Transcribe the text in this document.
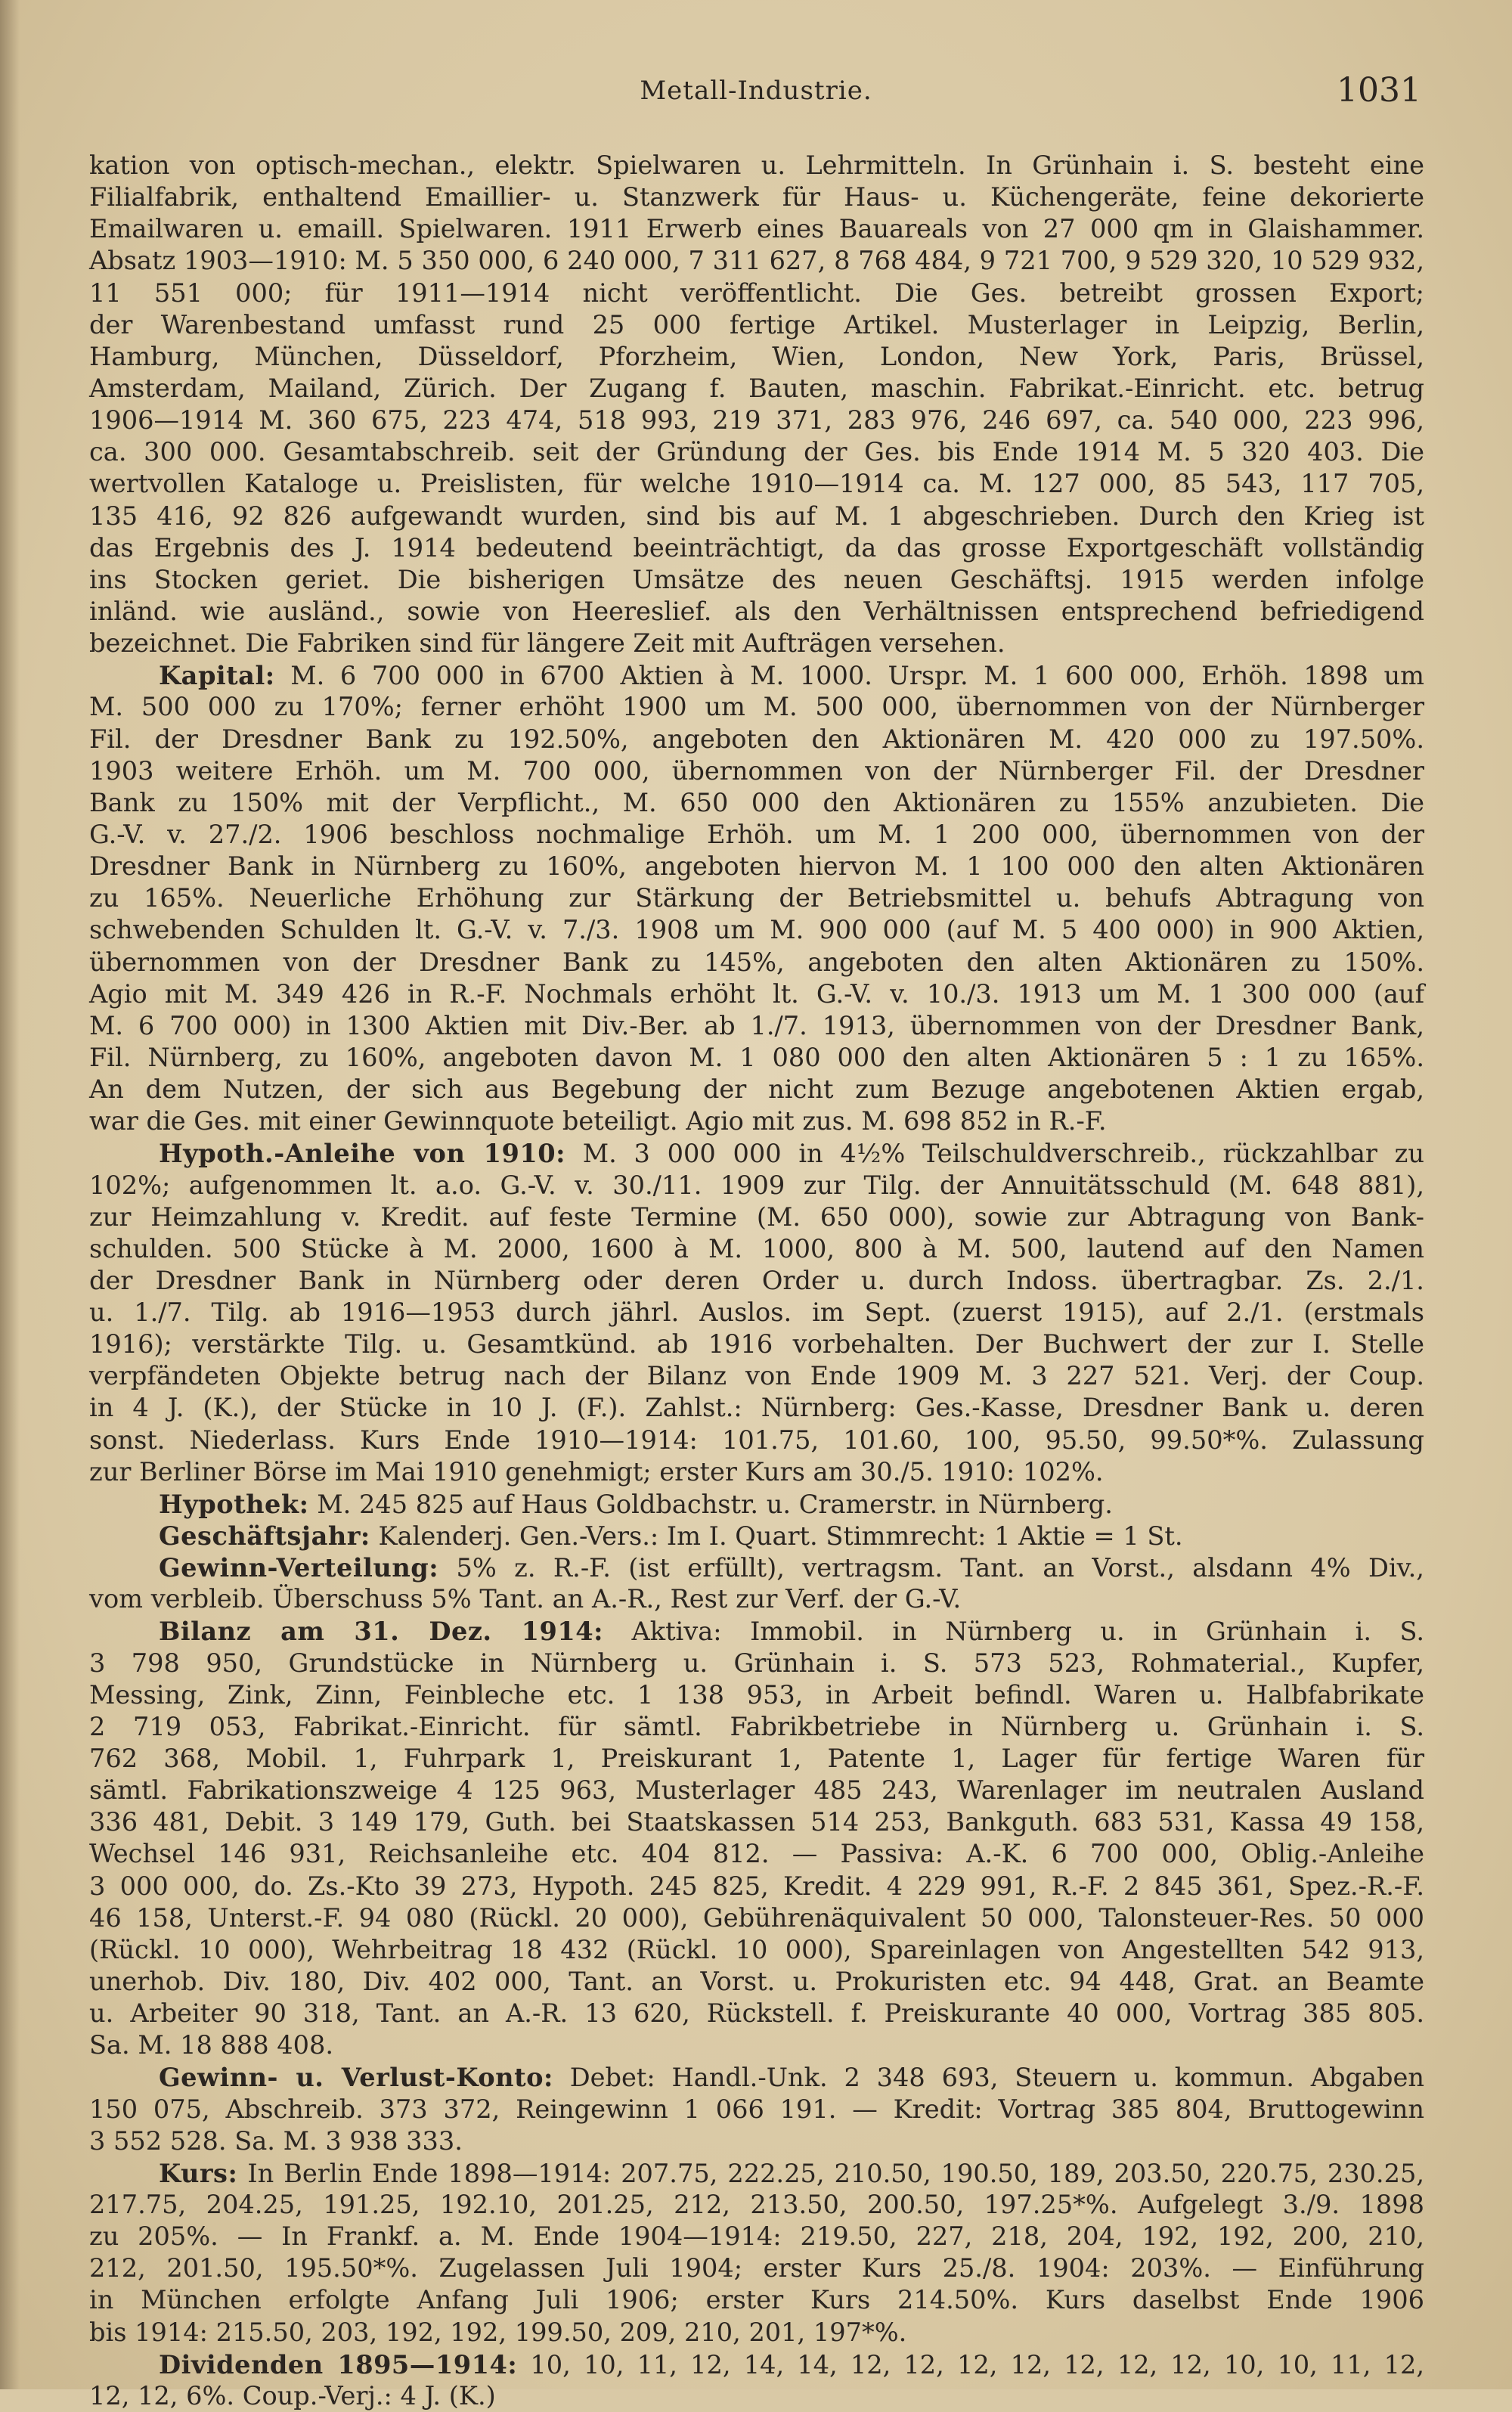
Metall-Industrie.	1031
kation von optisch-mechan., elektr. Spielwaren u. Lehrmitteln. In Grünhain i. S. besteht eine
Filialfabrik, enthaltend Emaillier- u. Stanzwerk für Haus- u. Küchengeräte, feine dekorierte
Emailwaren u. emaill. Spielwaren. 1911 Erwerb eines Bauareals von 27 000 qm in Glaishammer.
Absatz 1903—1910: M. 5 350 000, 6 240 000, 7 311 627, 8 768 484, 9 721 700, 9 529 320, 10 529 932,
11 551 000; für 1911—1914 nicht veröffentlicht. Die Ges. betreibt grossen Export;
der Warenbestand umfasst rund 25 000 fertige Artikel. Musterlager in Leipzig, Berlin,
Hamburg, München, Düsseldorf, Pforzheim, Wien, London, New York, Paris, Brüssel,
Amsterdam, Mailand, Zürich. Der Zugang f. Bauten, maschin. Fabrikat.-Einricht. etc. betrug
1906—1914 M. 360 675, 223 474, 518 993, 219 371, 283 976, 246 697, ca. 540 000, 223 996,
ca. 300 000. Gesamtabschreib. seit der Gründung der Ges. bis Ende 1914 M. 5 320 403. Die
wertvollen Kataloge u. Preislisten, für welche 1910—1914 ca. M. 127 000, 85 543, 117 705,
135 416, 92 826 aufgewandt wurden, sind bis auf M. 1 abgeschrieben. Durch den Krieg ist
das Ergebnis des J. 1914 bedeutend beeinträchtigt, da das grosse Exportgeschäft vollständig
ins Stocken geriet. Die bisherigen Umsätze des neuen Geschäftsj. 1915 werden infolge
inländ. wie ausländ., sowie von Heereslief. als den Verhältnissen entsprechend befriedigend
bezeichnet. Die Fabriken sind für längere Zeit mit Aufträgen versehen.
Kapital: M. 6 700 000 in 6700 Aktien à M. 1000. Urspr. M. 1 600 000, Erhöh. 1898 um
M. 500 000 zu 170%; ferner erhöht 1900 um M. 500 000, übernommen von der Nürnberger
Fil. der Dresdner Bank zu 192.50%, angeboten den Aktionären M. 420 000 zu 197.50%.
1903 weitere Erhöh. um M. 700 000, übernommen von der Nürnberger Fil. der Dresdner
Bank zu 150% mit der Verpflicht., M. 650 000 den Aktionären zu 155% anzubieten. Die
G.-V. v. 27./2. 1906 beschloss nochmalige Erhöh. um M. 1 200 000, übernommen von der
Dresdner Bank in Nürnberg zu 160%, angeboten hiervon M. 1 100 000 den alten Aktionären
zu 165%. Neuerliche Erhöhung zur Stärkung der Betriebsmittel u. behufs Abtragung von
schwebenden Schulden lt. G.-V. v. 7./3. 1908 um M. 900 000 (auf M. 5 400 000) in 900 Aktien,
übernommen von der Dresdner Bank zu 145%, angeboten den alten Aktionären zu 150%.
Agio mit M. 349 426 in R.-F. Nochmals erhöht lt. G.-V. v. 10./3. 1913 um M. 1 300 000 (auf
M. 6 700 000) in 1300 Aktien mit Div.-Ber. ab 1./7. 1913, übernommen von der Dresdner Bank,
Fil. Nürnberg, zu 160%, angeboten davon M. 1 080 000 den alten Aktionären 5 : 1 zu 165%.
An dem Nutzen, der sich aus Begebung der nicht zum Bezuge angebotenen Aktien ergab,
war die Ges. mit einer Gewinnquote beteiligt. Agio mit zus. M. 698 852 in R.-F.
Hypoth.-Anleihe von 1910: M. 3 000 000 in 4½% Teilschuldverschreib., rückzahlbar zu
102%; aufgenommen lt. a.o. G.-V. v. 30./11. 1909 zur Tilg. der Annuitätsschuld (M. 648 881),
zur Heimzahlung v. Kredit. auf feste Termine (M. 650 000), sowie zur Abtragung von Bank-
schulden. 500 Stücke à M. 2000, 1600 à M. 1000, 800 à M. 500, lautend auf den Namen
der Dresdner Bank in Nürnberg oder deren Order u. durch Indoss. übertragbar. Zs. 2./1.
u. 1./7. Tilg. ab 1916—1953 durch jährl. Auslos. im Sept. (zuerst 1915), auf 2./1. (erstmals
1916); verstärkte Tilg. u. Gesamtkünd. ab 1916 vorbehalten. Der Buchwert der zur I. Stelle
verpfändeten Objekte betrug nach der Bilanz von Ende 1909 M. 3 227 521. Verj. der Coup.
in 4 J. (K.), der Stücke in 10 J. (F.). Zahlst.: Nürnberg: Ges.-Kasse, Dresdner Bank u. deren
sonst. Niederlass. Kurs Ende 1910—1914: 101.75, 101.60, 100, 95.50, 99.50*%. Zulassung
zur Berliner Börse im Mai 1910 genehmigt; erster Kurs am 30./5. 1910: 102%.
Hypothek: M. 245 825 auf Haus Goldbachstr. u. Cramerstr. in Nürnberg.
Geschäftsjahr: Kalenderj. Gen.-Vers.: Im I. Quart. Stimmrecht: 1 Aktie = 1 St.
Gewinn-Verteilung: 5% z. R.-F. (ist erfüllt), vertragsm. Tant. an Vorst., alsdann 4% Div.,
vom verbleib. Überschuss 5% Tant. an A.-R., Rest zur Verf. der G.-V.
Bilanz am 31. Dez. 1914: Aktiva: Immobil. in Nürnberg u. in Grünhain i. S.
3 798 950, Grundstücke in Nürnberg u. Grünhain i. S. 573 523, Rohmaterial., Kupfer,
Messing, Zink, Zinn, Feinbleche etc. 1 138 953, in Arbeit befindl. Waren u. Halbfabrikate
2 719 053, Fabrikat.-Einricht. für sämtl. Fabrikbetriebe in Nürnberg u. Grünhain i. S.
762 368, Mobil. 1, Fuhrpark 1, Preiskurant 1, Patente 1, Lager für fertige Waren für
sämtl. Fabrikationszweige 4 125 963, Musterlager 485 243, Warenlager im neutralen Ausland
336 481, Debit. 3 149 179, Guth. bei Staatskassen 514 253, Bankguth. 683 531, Kassa 49 158,
Wechsel 146 931, Reichsanleihe etc. 404 812. — Passiva: A.-K. 6 700 000, Oblig.-Anleihe
3 000 000, do. Zs.-Kto 39 273, Hypoth. 245 825, Kredit. 4 229 991, R.-F. 2 845 361, Spez.-R.-F.
46 158, Unterst.-F. 94 080 (Rückl. 20 000), Gebührenäquivalent 50 000, Talonsteuer-Res. 50 000
(Rückl. 10 000), Wehrbeitrag 18 432 (Rückl. 10 000), Spareinlagen von Angestellten 542 913,
unerhob. Div. 180, Div. 402 000, Tant. an Vorst. u. Prokuristen etc. 94 448, Grat. an Beamte
u. Arbeiter 90 318, Tant. an A.-R. 13 620, Rückstell. f. Preiskurante 40 000, Vortrag 385 805.
Sa. M. 18 888 408.
Gewinn- u. Verlust-Konto: Debet: Handl.-Unk. 2 348 693, Steuern u. kommun. Abgaben
150 075, Abschreib. 373 372, Reingewinn 1 066 191. — Kredit: Vortrag 385 804, Bruttogewinn
3 552 528. Sa. M. 3 938 333.
Kurs: In Berlin Ende 1898—1914: 207.75, 222.25, 210.50, 190.50, 189, 203.50, 220.75, 230.25,
217.75, 204.25, 191.25, 192.10, 201.25, 212, 213.50, 200.50, 197.25*%. Aufgelegt 3./9. 1898
zu 205%. — In Frankf. a. M. Ende 1904—1914: 219.50, 227, 218, 204, 192, 192, 200, 210,
212, 201.50, 195.50*%. Zugelassen Juli 1904; erster Kurs 25./8. 1904: 203%. — Einführung
in München erfolgte Anfang Juli 1906; erster Kurs 214.50%. Kurs daselbst Ende 1906
bis 1914: 215.50, 203, 192, 192, 199.50, 209, 210, 201, 197*%.
Dividenden 1895—1914: 10, 10, 11, 12, 14, 14, 12, 12, 12, 12, 12, 12, 12, 10, 10, 11, 12,
12, 12, 6%. Coup.-Verj.: 4 J. (K.)
